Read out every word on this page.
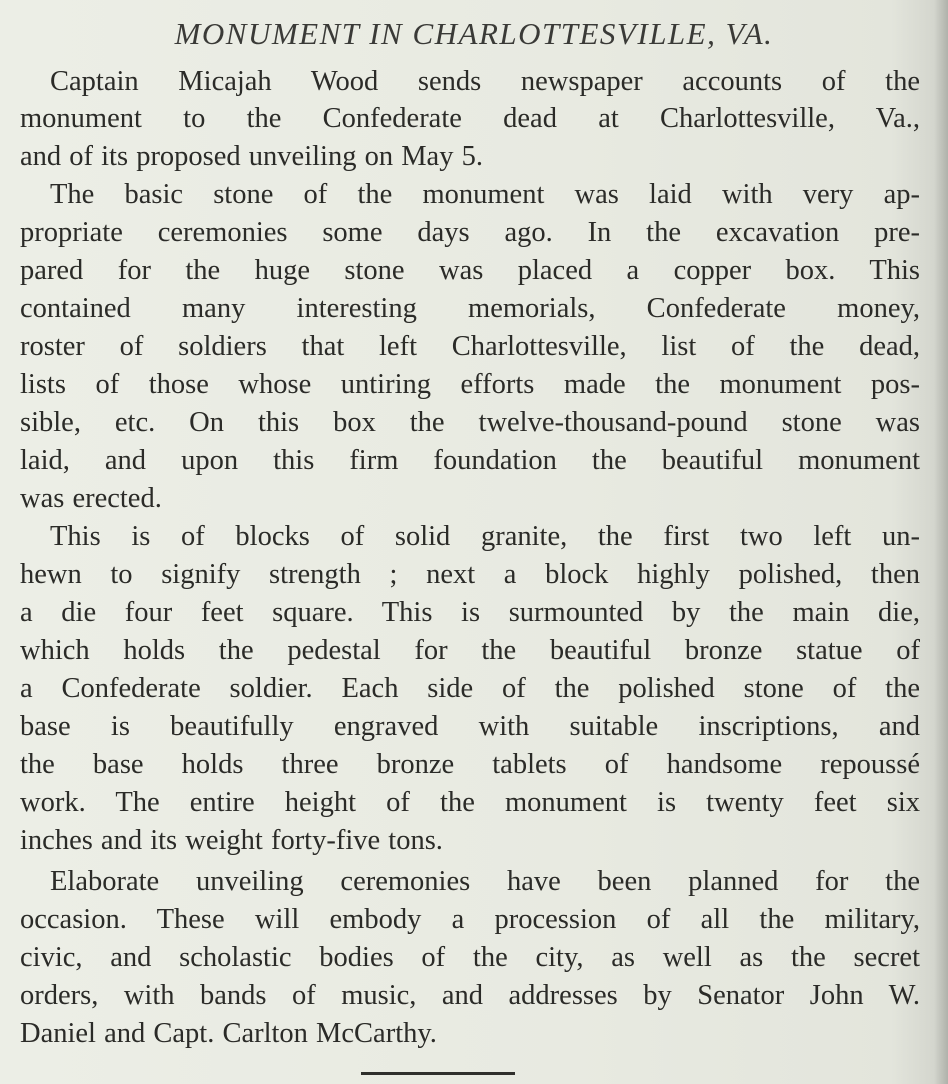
MONUMENT IN CHARLOTTESVILLE, VA.
Captain Micajah Wood sends newspaper accounts of the
monument to the Confederate dead at Charlottesville, Va.,
and of its proposed unveiling on May 5.
The basic stone of the monument was laid with very ap-
propriate ceremonies some days ago. In the excavation pre-
pared for the huge stone was placed a copper box. This
contained many interesting memorials, Confederate money,
roster of soldiers that left Charlottesville, list of the dead,
lists of those whose untiring efforts made the monument pos-
sible, etc. On this box the twelve-thousand-pound stone was
laid, and upon this firm foundation the beautiful monument
was erected.
This is of blocks of solid granite, the first two left un-
hewn to signify strength ; next a block highly polished, then
a die four feet square. This is surmounted by the main die,
which holds the pedestal for the beautiful bronze statue of
a Confederate soldier. Each side of the polished stone of the
base is beautifully engraved with suitable inscriptions, and
the base holds three bronze tablets of handsome repoussé
work. The entire height of the monument is twenty feet six
inches and its weight forty-five tons.
Elaborate unveiling ceremonies have been planned for the
occasion. These will embody a procession of all the military,
civic, and scholastic bodies of the city, as well as the secret
orders, with bands of music, and addresses by Senator John W.
Daniel and Capt. Carlton McCarthy.
